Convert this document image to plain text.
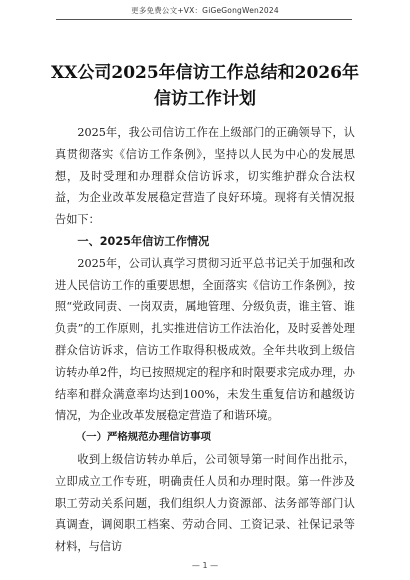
更多免费公文+VX：GiGeGongWen2024
XX公司2025年信访工作总结和2026年
信访工作计划

2025年，我公司信访工作在上级部门的正确领导下，认真贯彻落实《信访工作条例》，坚持以人民为中心的发展思想，及时受理和办理群众信访诉求，切实维护群众合法权益，为企业改革发展稳定营造了良好环境。现将有关情况报告如下：

一、2025年信访工作情况

2025年，公司认真学习贯彻习近平总书记关于加强和改进人民信访工作的重要思想，全面落实《信访工作条例》，按照“党政同责、一岗双责，属地管理、分级负责，谁主管、谁负责”的工作原则，扎实推进信访工作法治化，及时妥善处理群众信访诉求，信访工作取得积极成效。全年共收到上级信访转办单2件，均已按照规定的程序和时限要求完成办理，办结率和群众满意率均达到100%，未发生重复信访和越级访情况，为企业改革发展稳定营造了和谐环境。

（一）严格规范办理信访事项

收到上级信访转办单后，公司领导第一时间作出批示，立即成立工作专班，明确责任人员和办理时限。第一件涉及职工劳动关系问题，我们组织人力资源部、法务部等部门认真调查，调阅职工档案、劳动合同、工资记录、社保记录等材料，与信访

— 1 —
